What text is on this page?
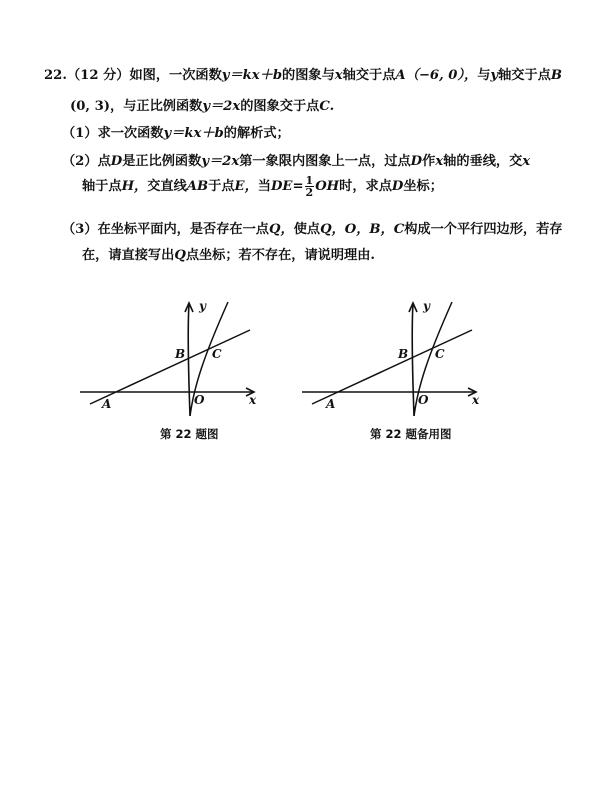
22.（12 分）如图，一次函数y＝kx＋b的图象与x轴交于点A（−6, 0），与y轴交于点B
(0, 3)，与正比例函数y＝2x的图象交于点C.
（1）求一次函数y＝kx＋b的解析式；
（2）点D是正比例函数y＝2x第一象限内图象上一点，过点D作x轴的垂线，交x
轴于点H，交直线AB于点E，当$DE= \frac{1}{2}$ OH时，求点D坐标；
（3）在坐标平面内，是否存在一点Q，使点Q，O，B，C构成一个平行四边形，若存
在，请直接写出Q点坐标；若不存在，请说明理由.
y
x
A
B C
O
第 22 题图
y
x
A
B C
O
第 22 题备用图
